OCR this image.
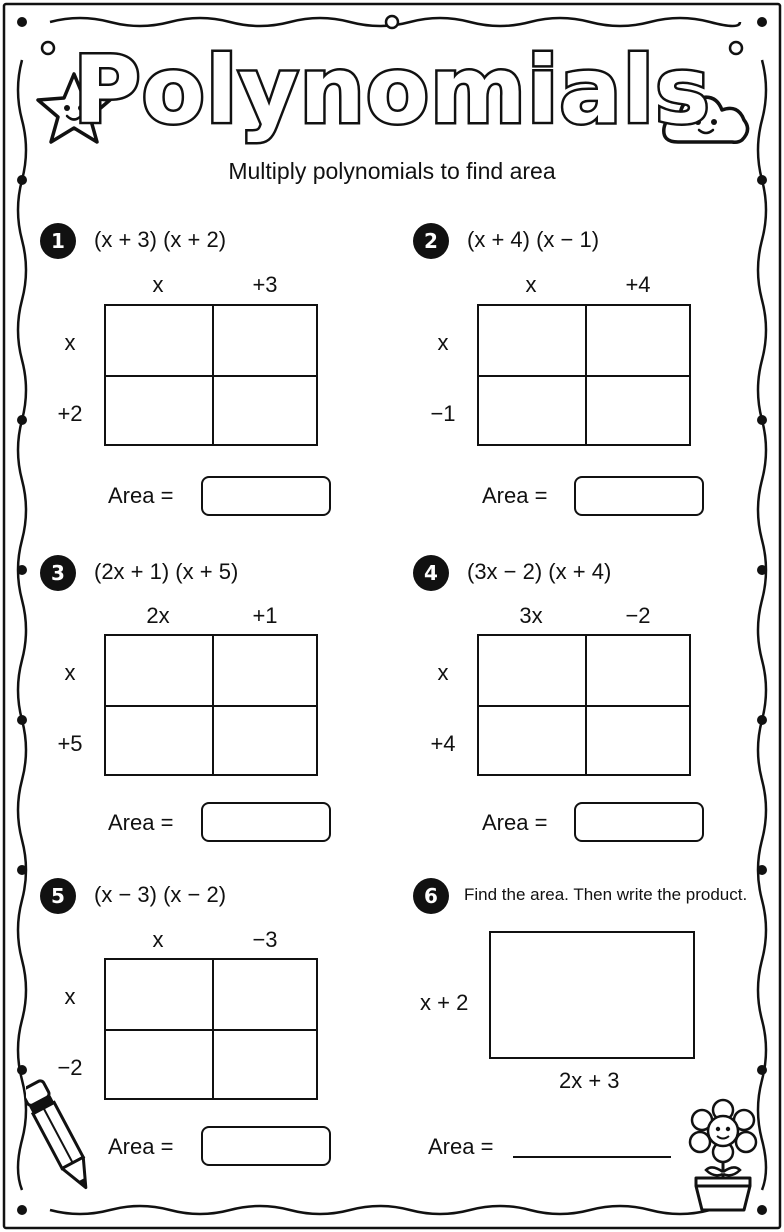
Polynomials
Multiply polynomials to find area
1	(x + 3) (x + 2)
x	+3
x
+2
Area =
2	(x + 4) (x − 1)
x	+4
x
−1
Area =
3	(2x + 1) (x + 5)
2x	+1
x
+5
Area =
4	(3x − 2) (x + 4)
3x	−2
x
+4
Area =
5	(x − 3) (x − 2)
x	−3
x
−2
Area =
6	Find the area. Then write the product.
x + 2
2x + 3
Area =
